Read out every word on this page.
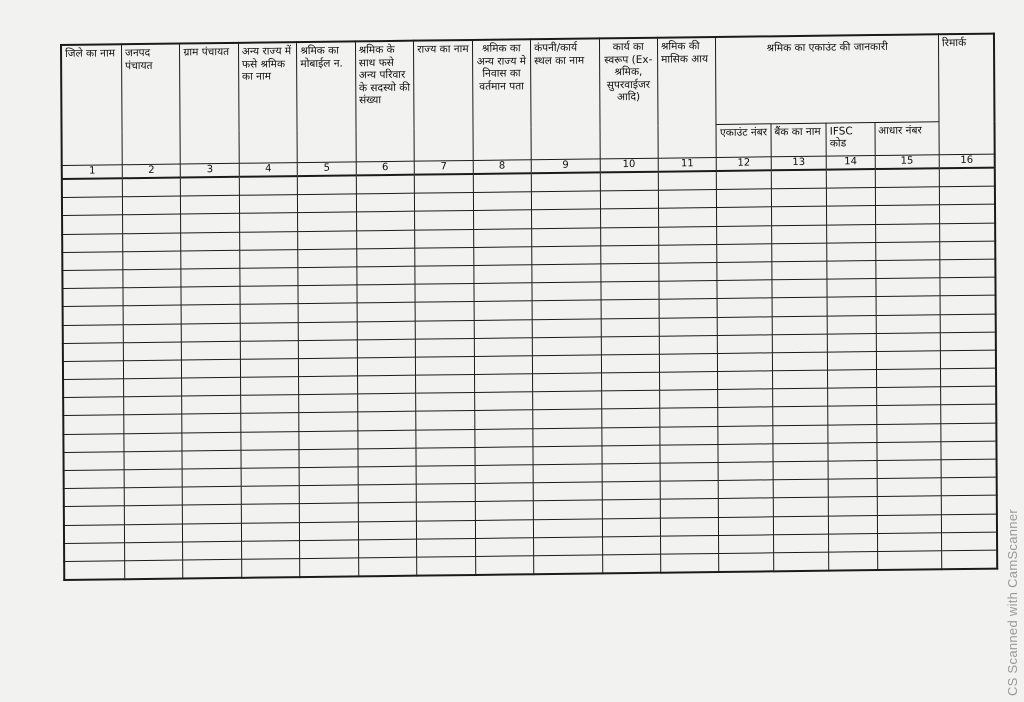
जिले का नाम	जनपद पंचायत	ग्राम पंचायत	अन्य राज्य में फसे श्रमिक का नाम	श्रमिक का मोबाईल न.	श्रमिक के साथ फसे अन्य परिवार के सदस्यो की संख्या	राज्य का नाम	श्रमिक का अन्य राज्य मे निवास का वर्तमान पता	कंपनी/कार्य स्थल का नाम	कार्य का स्वरूप (Ex- श्रमिक, सुपरवाईजर आदि)	श्रमिक की मासिक आय	श्रमिक का एकाउंट की जानकारी				रिमार्क
											एकाउंट नंबर	बैंक का नाम	IFSC कोड	आधार नंबर	
1	2	3	4	5	6	7	8	9	10	11	12	13	14	15	16

CS Scanned with CamScanner
